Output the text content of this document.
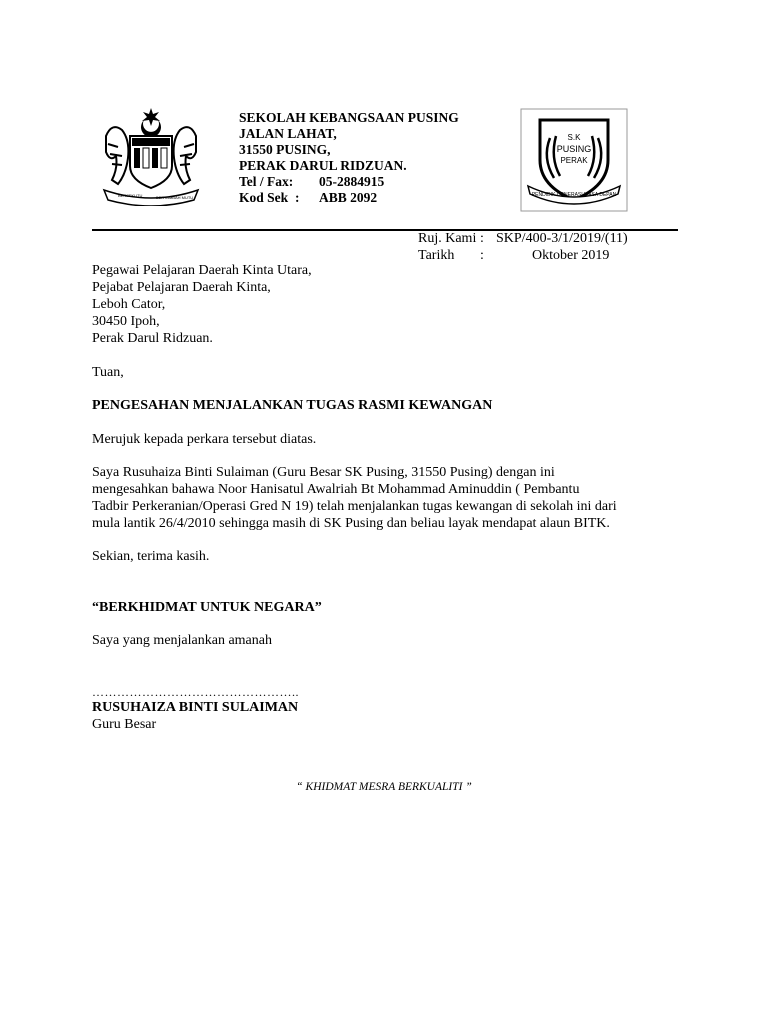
BERSEKUTU	BERTAMBAH MUTU
SEKOLAH KEBANGSAAN PUSING
JALAN LAHAT,
31550 PUSING,
PERAK DARUL RIDZUAN.
Tel / Fax: 05-2884915
Kod Sek : ABB 2092
S.K
PUSING
PERAK
PENDIDIK GENERASI MASA DEPAN
Ruj. Kami : SKP/400-3/1/2019/(11)
Tarikh	:	Oktober 2019
Pegawai Pelajaran Daerah Kinta Utara,
Pejabat Pelajaran Daerah Kinta,
Leboh Cator,
30450 Ipoh,
Perak Darul Ridzuan.
Tuan,
PENGESAHAN MENJALANKAN TUGAS RASMI KEWANGAN
Merujuk kepada perkara tersebut diatas.
Saya Rusuhaiza Binti Sulaiman (Guru Besar SK Pusing, 31550 Pusing) dengan ini
mengesahkan bahawa Noor Hanisatul Awalriah Bt Mohammad Aminuddin ( Pembantu
Tadbir Perkeranian/Operasi Gred N 19) telah menjalankan tugas kewangan di sekolah ini dari
mula lantik 26/4/2010 sehingga masih di SK Pusing dan beliau layak mendapat alaun BITK.
Sekian, terima kasih.
“BERKHIDMAT UNTUK NEGARA”
Saya yang menjalankan amanah
…………………………………………..
RUSUHAIZA BINTI SULAIMAN
Guru Besar
“ KHIDMAT MESRA BERKUALITI ”
